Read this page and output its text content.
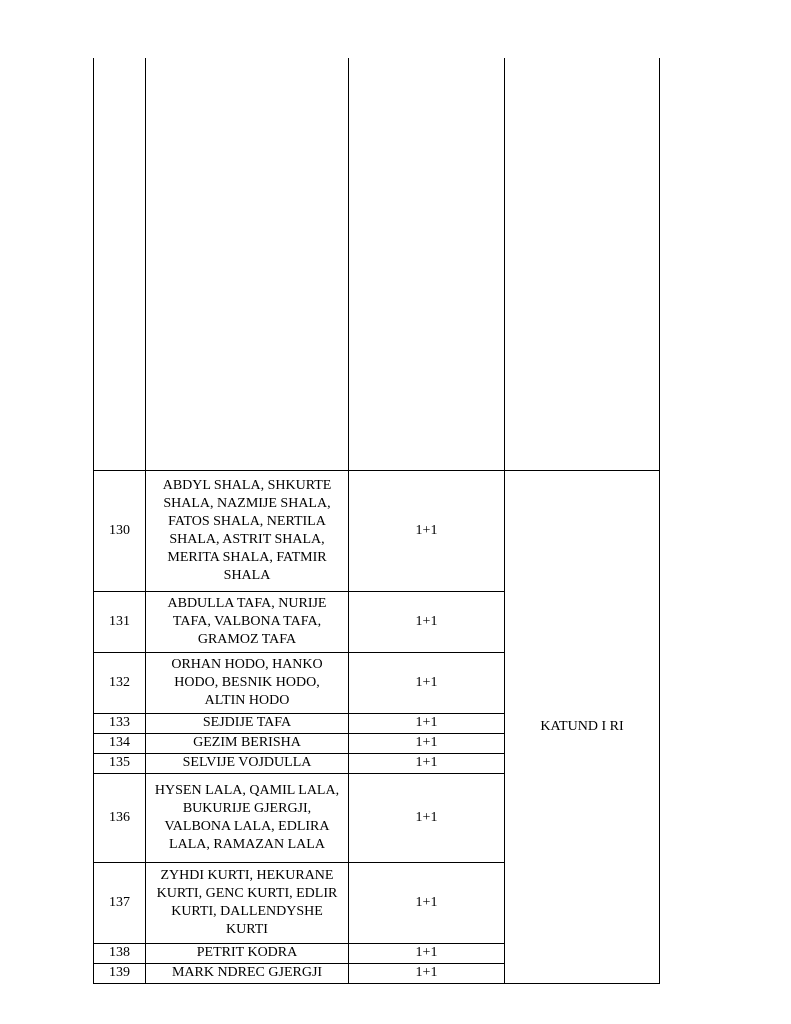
130	ABDYL SHALA, SHKURTE SHALA, NAZMIJE SHALA, FATOS SHALA, NERTILA SHALA, ASTRIT SHALA, MERITA SHALA, FATMIR SHALA	1+1	KATUND I RI
131	ABDULLA TAFA, NURIJE TAFA, VALBONA TAFA, GRAMOZ TAFA	1+1	
132	ORHAN HODO, HANKO HODO, BESNIK HODO, ALTIN HODO	1+1	
133	SEJDIJE TAFA	1+1	
134	GEZIM BERISHA	1+1	
135	SELVIJE VOJDULLA	1+1	
136	HYSEN LALA, QAMIL LALA, BUKURIJE GJERGJI, VALBONA LALA, EDLIRA LALA, RAMAZAN LALA	1+1	
137	ZYHDI KURTI, HEKURANE KURTI, GENC KURTI, EDLIR KURTI, DALLENDYSHE KURTI	1+1	
138	PETRIT KODRA	1+1	
139	MARK NDREC GJERGJI	1+1	
